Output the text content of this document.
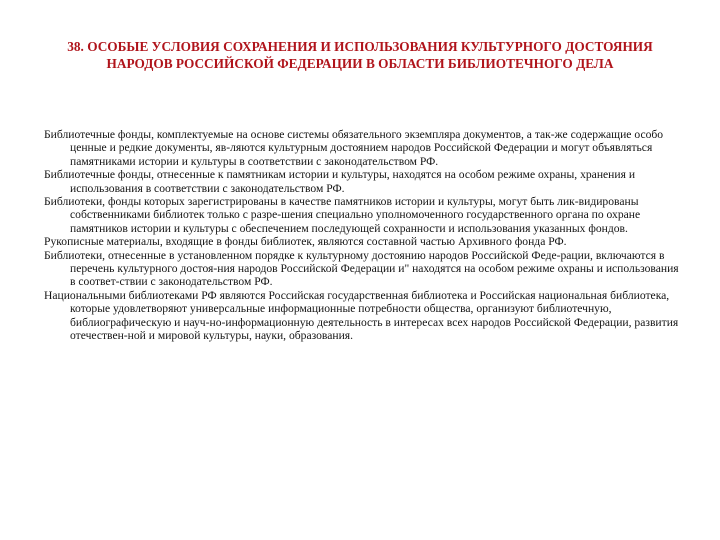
38. ОСОБЫЕ УСЛОВИЯ СОХРАНЕНИЯ И ИСПОЛЬЗОВАНИЯ КУЛЬТУРНОГО ДОСТОЯНИЯ НАРОДОВ РОССИЙСКОЙ ФЕДЕРАЦИИ В ОБЛАСТИ БИБЛИОТЕЧНОГО ДЕЛА

Библиотечные фонды, комплектуемые на основе системы обязательного экземпляра документов, а так-же содержащие особо ценные и редкие документы, яв-ляются культурным достоянием народов Российской Федерации и могут объявляться памятниками истории и культуры в соответствии с законодательством РФ.

Библиотечные фонды, отнесенные к памятникам истории и культуры, находятся на особом режиме охраны, хранения и использования в соответствии с законодательством РФ.

Библиотеки, фонды которых зарегистрированы в качестве памятников истории и культуры, могут быть лик-видированы собственниками библиотек только с разре-шения специально уполномоченного государственного органа по охране памятников истории и культуры с обеспечением последующей сохранности и использования указанных фондов.

Рукописные материалы, входящие в фонды библиотек, являются составной частью Архивного фонда РФ.

Библиотеки, отнесенные в установленном порядке к культурному достоянию народов Российской Феде-рации, включаются в перечень культурного достоя-ния народов Российской Федерации и" находятся на особом режиме охраны и использования в соответ-ствии с законодательством РФ.

Национальными библиотеками РФ являются Российская государственная библиотека и Российская национальная библиотека, которые удовлетворяют универсальные информационные потребности общества, организуют библиотечную, библиографическую и науч-но-информационную деятельность в интересах всех народов Российской Федерации, развития отечествен-ной и мировой культуры, науки, образования.
